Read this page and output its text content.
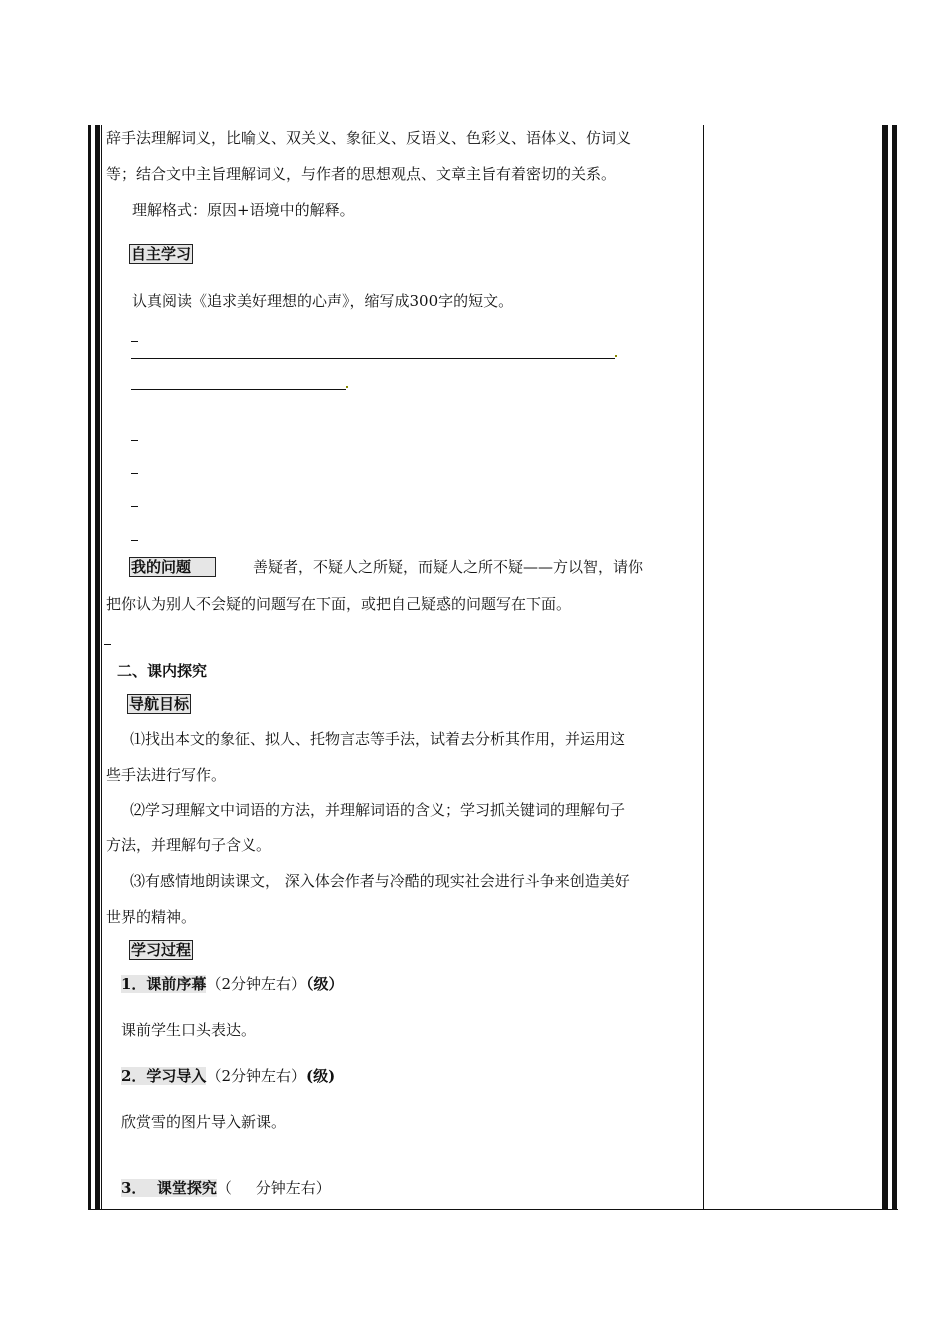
辞手法理解词义，比喻义、双关义、象征义、反语义、色彩义、语体义、仿词义
等；结合文中主旨理解词义，与作者的思想观点、文章主旨有着密切的关系。
理解格式：原因+语境中的解释。
自主学习
认真阅读《追求美好理想的心声》，缩写成300字的短文。
我的问题	善疑者，不疑人之所疑，而疑人之所不疑——方以智，请你
把你认为别人不会疑的问题写在下面，或把自己疑惑的问题写在下面。
二、课内探究
导航目标
⑴找出本文的象征、拟人、托物言志等手法，试着去分析其作用，并运用这
些手法进行写作。
⑵学习理解文中词语的方法，并理解词语的含义；学习抓关键词的理解句子
方法，并理解句子含义。
⑶有感情地朗读课文， 深入体会作者与冷酷的现实社会进行斗争来创造美好
世界的精神。
学习过程
1．课前序幕（2分钟左右）（级）
课前学生口头表达。
2．学习导入（2分钟左右）(级)
欣赏雪的图片导入新课。
3．  课堂探究（     分钟左右）
